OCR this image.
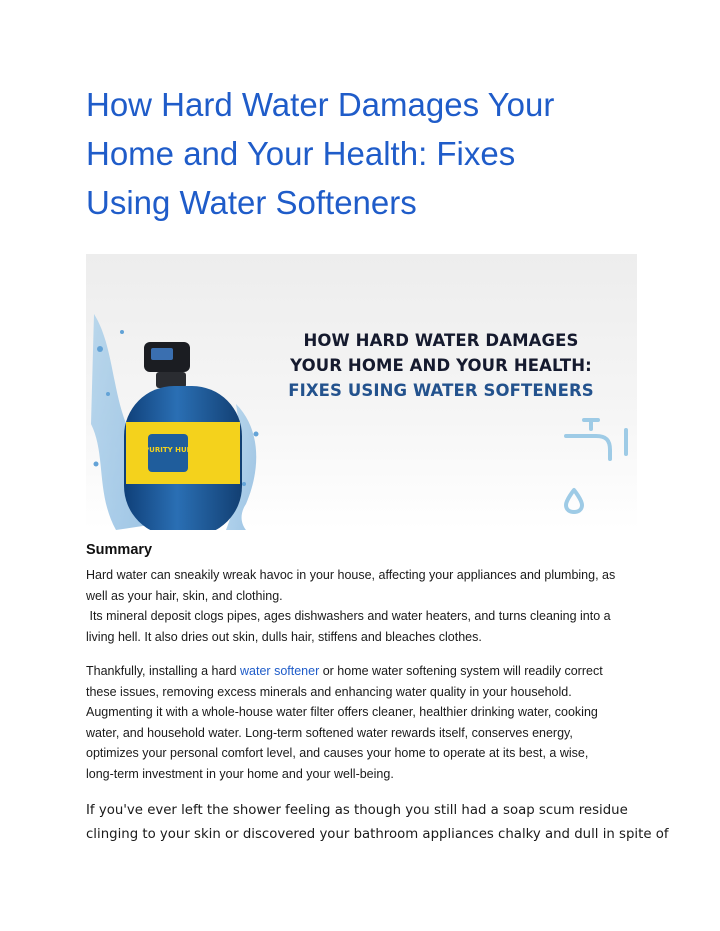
How Hard Water Damages Your
Home and Your Health: Fixes
Using Water Softeners
PURITY HUB
HOW HARD WATER DAMAGES
YOUR HOME AND YOUR HEALTH:
FIXES USING WATER SOFTENERS
Summary

Hard water can sneakily wreak havoc in your house, affecting your appliances and plumbing, as
well as your hair, skin, and clothing.
Its mineral deposit clogs pipes, ages dishwashers and water heaters, and turns cleaning into a
living hell. It also dries out skin, dulls hair, stiffens and bleaches clothes.

Thankfully, installing a hard water softener or home water softening system will readily correct
these issues, removing excess minerals and enhancing water quality in your household.
Augmenting it with a whole-house water filter offers cleaner, healthier drinking water, cooking
water, and household water. Long-term softened water rewards itself, conserves energy,
optimizes your personal comfort level, and causes your home to operate at its best, a wise,
long-term investment in your home and your well-being.

If you've ever left the shower feeling as though you still had a soap scum residue
clinging to your skin or discovered your bathroom appliances chalky and dull in spite of
